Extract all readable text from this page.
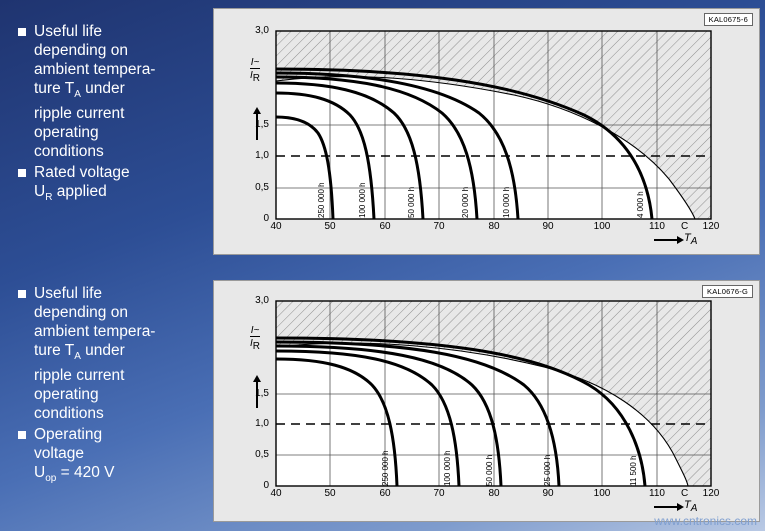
Useful life
depending on
ambient tempera-
ture $T_A$ under
ripple current
operating
conditions
Rated voltage
$U_R$ applied
KAL0675-6
I~
$I_R$
$T_A$
3,0
1,5
1,0
0,5
0
40	50	60	70	80	90	100	110	120
C
250 000 h	100 000 h	50 000 h	20 000 h	10 000 h	4 000 h
Useful life
depending on
ambient tempera-
ture $T_A$ under
ripple current
operating
conditions
Operating
voltage
$U_{op} = 420$ V
KAL0676-G
I~
$I_R$
$T_A$
3,0
1,5
1,0
0,5
0
40	50	60	70	80	90	100	110	120
C
250 000 h	100 000 h	50 000 h	25 000 h	11 500 h
www.cntronics.com
